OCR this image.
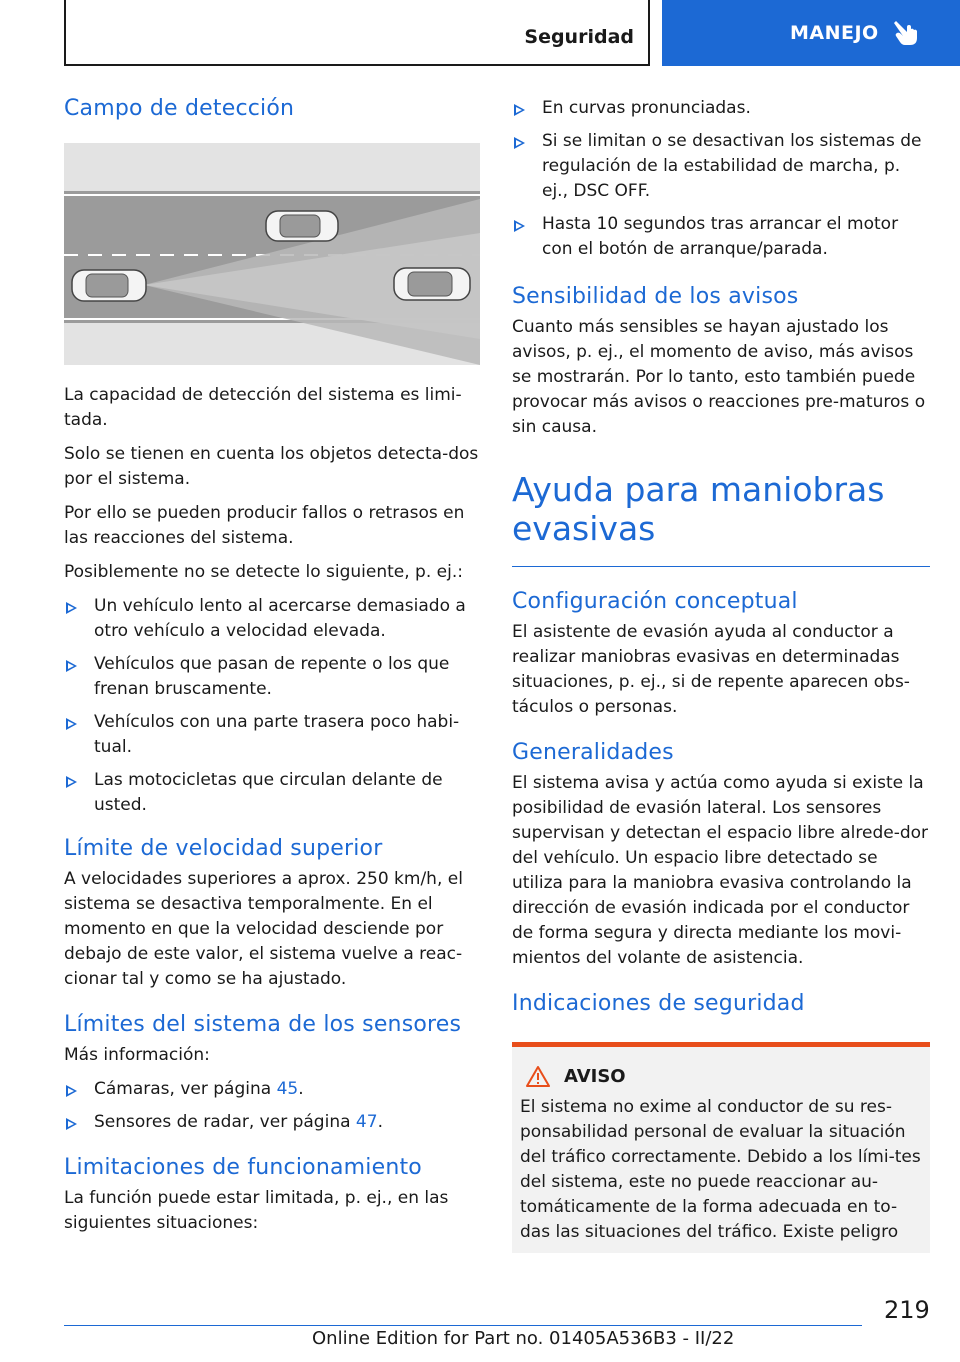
Seguridad	MANEJO
Campo de detección

La capacidad de detección del sistema es limi-tada.

Solo se tienen en cuenta los objetos detecta-dos por el sistema.

Por ello se pueden producir fallos o retrasos en las reacciones del sistema.

Posiblemente no se detecte lo siguiente, p. ej.:

Un vehículo lento al acercarse demasiado a otro vehículo a velocidad elevada.
Vehículos que pasan de repente o los que frenan bruscamente.
Vehículos con una parte trasera poco habi-tual.
Las motocicletas que circulan delante de usted.
Límite de velocidad superior

A velocidades superiores a aprox. 250 km/h, el sistema se desactiva temporalmente. En el momento en que la velocidad desciende por debajo de este valor, el sistema vuelve a reac-cionar tal y como se ha ajustado.

Límites del sistema de los sensores

Más información:

Cámaras, ver página 45.
Sensores de radar, ver página 47.
Limitaciones de funcionamiento

La función puede estar limitada, p. ej., en las siguientes situaciones:

En curvas pronunciadas.
Si se limitan o se desactivan los sistemas de regulación de la estabilidad de marcha, p. ej., DSC OFF.
Hasta 10 segundos tras arrancar el motor con el botón de arranque/parada.
Sensibilidad de los avisos

Cuanto más sensibles se hayan ajustado los avisos, p. ej., el momento de aviso, más avisos se mostrarán. Por lo tanto, esto también puede provocar más avisos o reacciones pre-maturos o sin causa.

Ayuda para maniobras evasivas
Configuración conceptual

El asistente de evasión ayuda al conductor a realizar maniobras evasivas en determinadas situaciones, p. ej., si de repente aparecen obs-táculos o personas.

Generalidades

El sistema avisa y actúa como ayuda si existe la posibilidad de evasión lateral. Los sensores supervisan y detectan el espacio libre alrede-dor del vehículo. Un espacio libre detectado se utiliza para la maniobra evasiva controlando la dirección de evasión indicada por el conductor de forma segura y directa mediante los movi-mientos del volante de asistencia.

Indicaciones de seguridad
AVISO

El sistema no exime al conductor de su res-ponsabilidad personal de evaluar la situación del tráfico correctamente. Debido a los lími-tes del sistema, este no puede reaccionar au-tomáticamente de la forma adecuada en to-das las situaciones del tráfico. Existe peligro

219
Online Edition for Part no. 01405A536B3 - II/22
